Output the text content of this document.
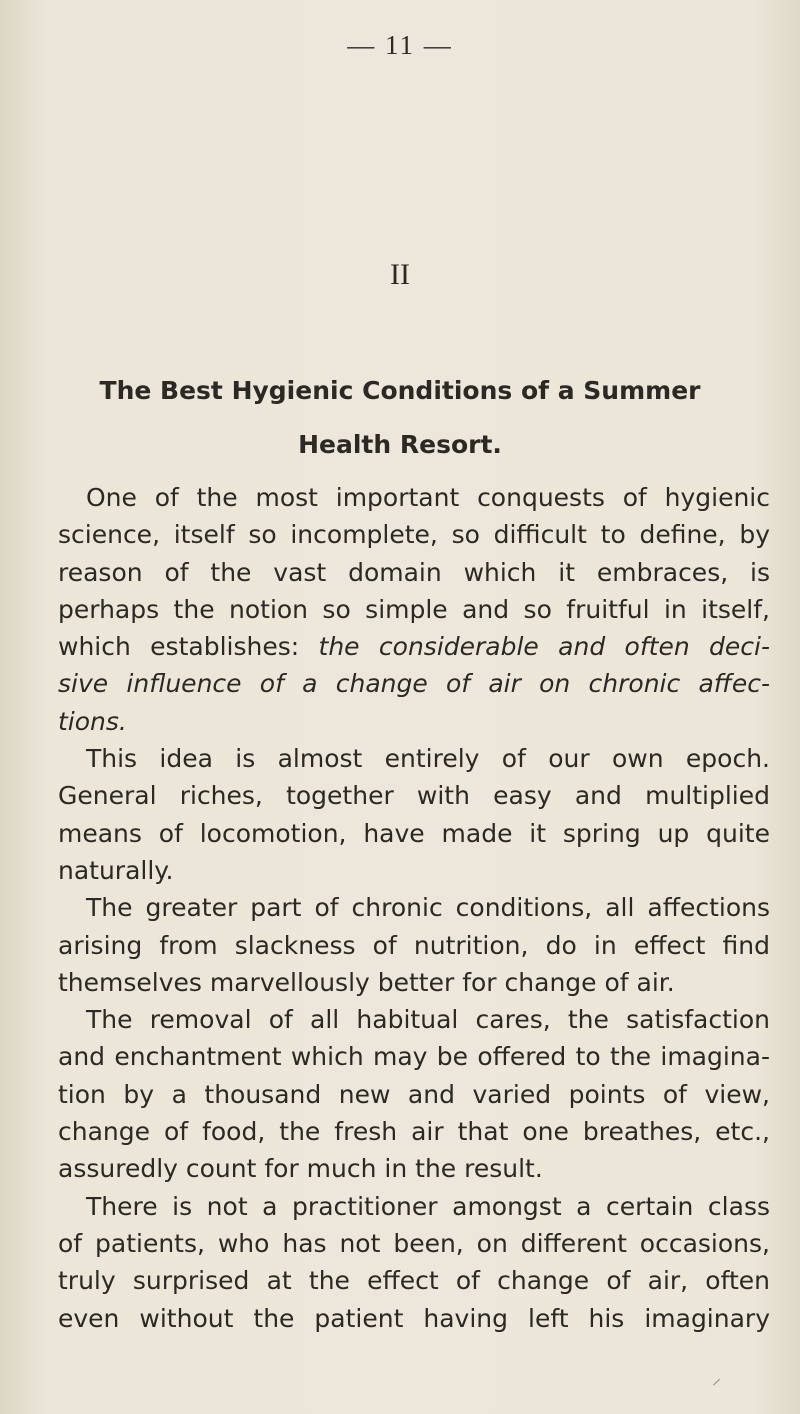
— 11 —
II
The Best Hygienic Conditions of a Summer
Health Resort.
One of the most important conquests of hygienic
science, itself so incomplete, so difficult to define, by
reason of the vast domain which it embraces, is
perhaps the notion so simple and so fruitful in itself,
which establishes: the considerable and often deci-
sive influence of a change of air on chronic affec-
tions.
This idea is almost entirely of our own epoch.
General riches, together with easy and multiplied
means of locomotion, have made it spring up quite
naturally.
The greater part of chronic conditions, all affections
arising from slackness of nutrition, do in effect find
themselves marvellously better for change of air.
The removal of all habitual cares, the satisfaction
and enchantment which may be offered to the imagina-
tion by a thousand new and varied points of view,
change of food, the fresh air that one breathes, etc.,
assuredly count for much in the result.
There is not a practitioner amongst a certain class
of patients, who has not been, on different occasions,
truly surprised at the effect of change of air, often
even without the patient having left his imaginary
⸝
